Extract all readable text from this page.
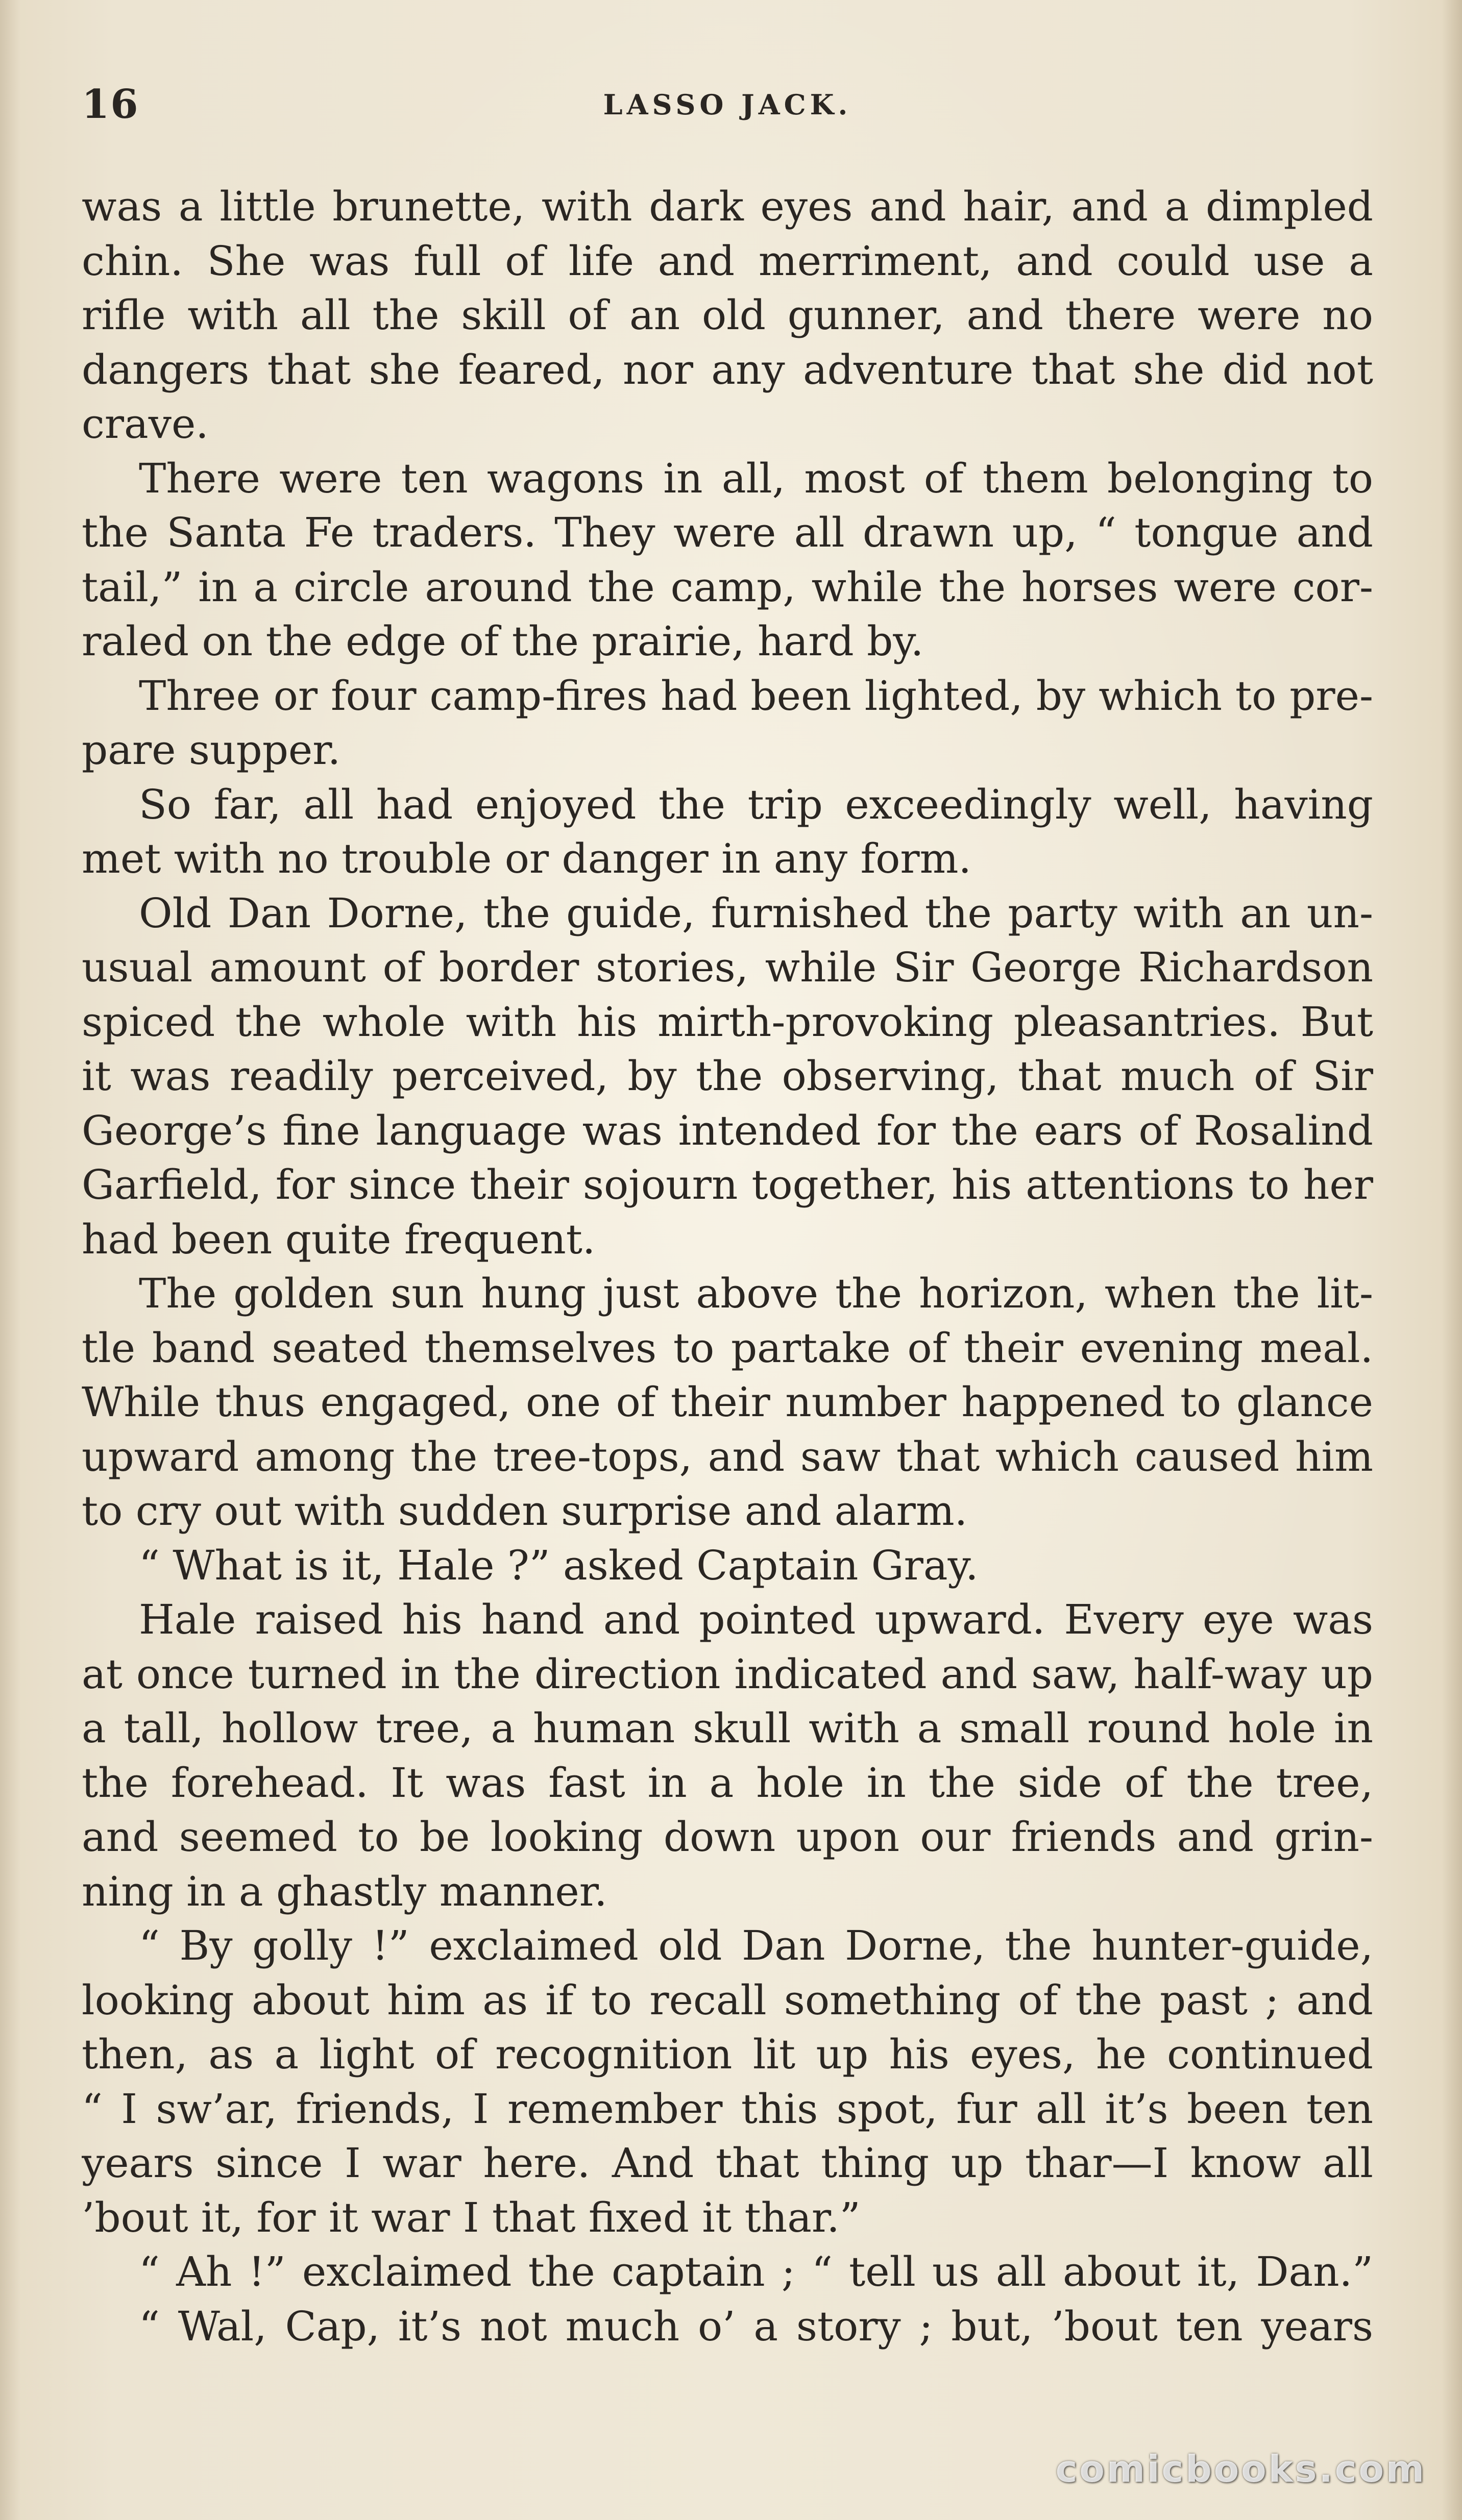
16	LASSO JACK.
was a little brunette, with dark eyes and hair, and a dimpled
chin. She was full of life and merriment, and could use a
rifle with all the skill of an old gunner, and there were no
dangers that she feared, nor any adventure that she did not
crave.
There were ten wagons in all, most of them belonging to
the Santa Fe traders. They were all drawn up, “ tongue and
tail,” in a circle around the camp, while the horses were cor-
raled on the edge of the prairie, hard by.
Three or four camp-fires had been lighted, by which to pre-
pare supper.
So far, all had enjoyed the trip exceedingly well, having
met with no trouble or danger in any form.
Old Dan Dorne, the guide, furnished the party with an un-
usual amount of border stories, while Sir George Richardson
spiced the whole with his mirth-provoking pleasantries. But
it was readily perceived, by the observing, that much of Sir
George’s fine language was intended for the ears of Rosalind
Garfield, for since their sojourn together, his attentions to her
had been quite frequent.
The golden sun hung just above the horizon, when the lit-
tle band seated themselves to partake of their evening meal.
While thus engaged, one of their number happened to glance
upward among the tree-tops, and saw that which caused him
to cry out with sudden surprise and alarm.
“ What is it, Hale ?” asked Captain Gray.
Hale raised his hand and pointed upward. Every eye was
at once turned in the direction indicated and saw, half-way up
a tall, hollow tree, a human skull with a small round hole in
the forehead. It was fast in a hole in the side of the tree,
and seemed to be looking down upon our friends and grin-
ning in a ghastly manner.
“ By golly !” exclaimed old Dan Dorne, the hunter-guide,
looking about him as if to recall something of the past ; and
then, as a light of recognition lit up his eyes, he continued
“ I sw’ar, friends, I remember this spot, fur all it’s been ten
years since I war here. And that thing up thar—I know all
’bout it, for it war I that fixed it thar.”
“ Ah !” exclaimed the captain ; “ tell us all about it, Dan.”
“ Wal, Cap, it’s not much o’ a story ; but, ’bout ten years
comicbooks.com
